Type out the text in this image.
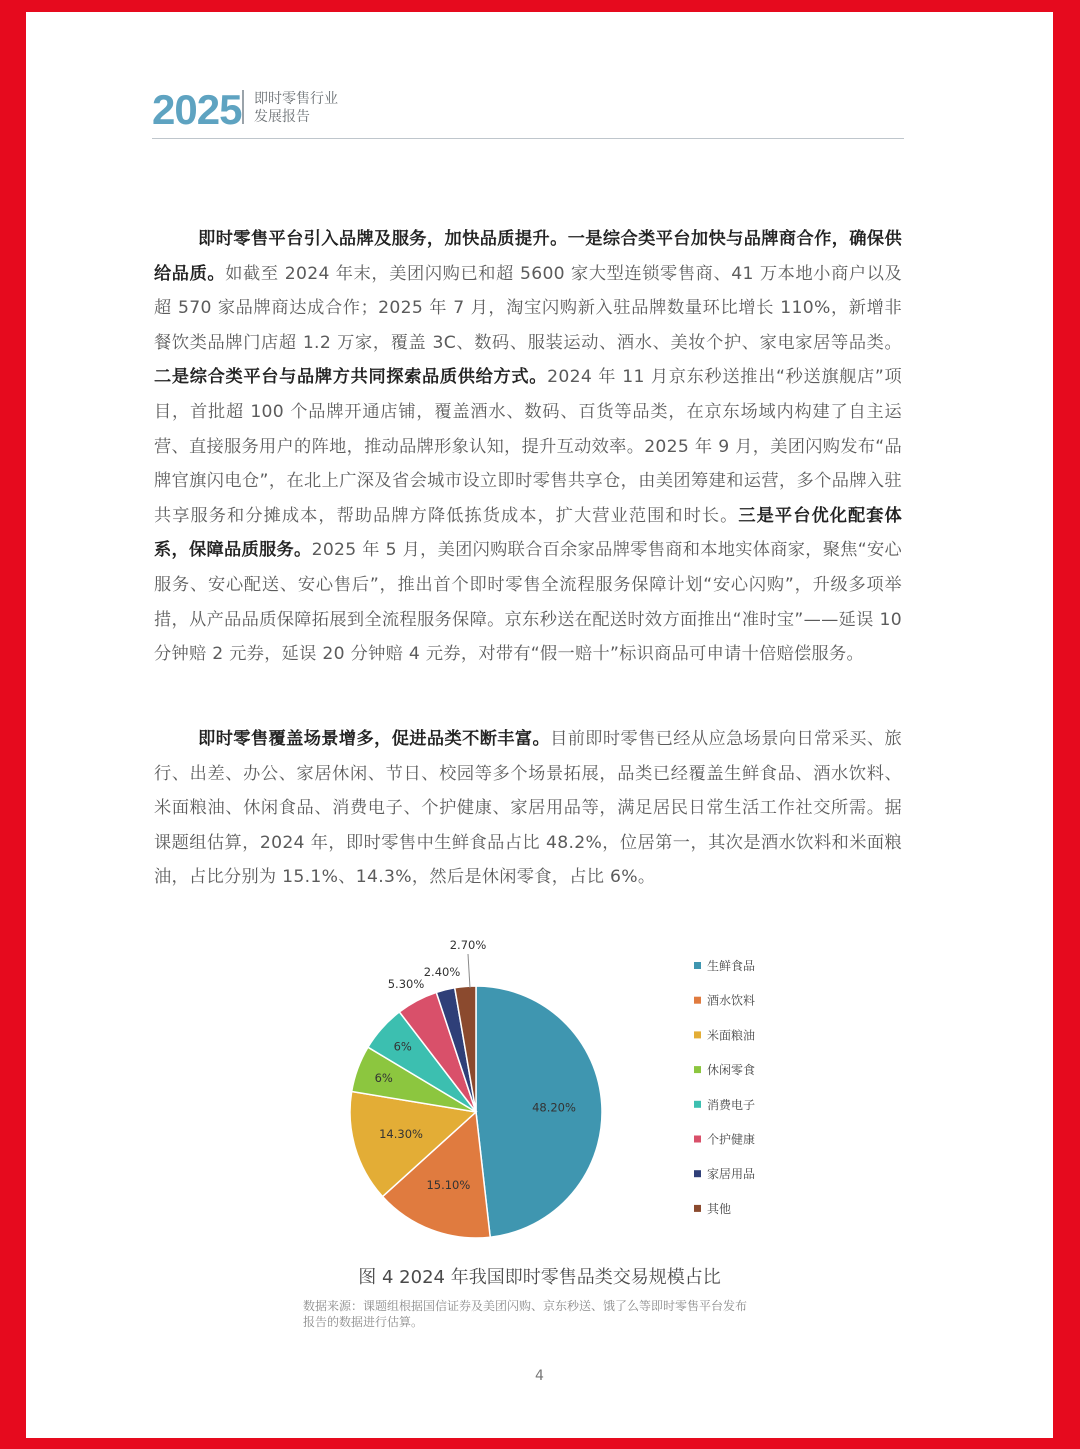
2025 即时零售行业
发展报告
即时零售平台引入品牌及服务，加快品质提升。一是综合类平台加快与品牌商合作，确保供给品质。如截至 2024 年末，美团闪购已和超 5600 家大型连锁零售商、41 万本地小商户以及超 570 家品牌商达成合作；2025 年 7 月，淘宝闪购新入驻品牌数量环比增长 110%，新增非餐饮类品牌门店超 1.2 万家，覆盖 3C、数码、服装运动、酒水、美妆个护、家电家居等品类。二是综合类平台与品牌方共同探索品质供给方式。2024 年 11 月京东秒送推出“秒送旗舰店”项目，首批超 100 个品牌开通店铺，覆盖酒水、数码、百货等品类，在京东场域内构建了自主运营、直接服务用户的阵地，推动品牌形象认知，提升互动效率。2025 年 9 月，美团闪购发布“品牌官旗闪电仓”，在北上广深及省会城市设立即时零售共享仓，由美团筹建和运营，多个品牌入驻共享服务和分摊成本，帮助品牌方降低拣货成本，扩大营业范围和时长。三是平台优化配套体系，保障品质服务。2025 年 5 月，美团闪购联合百余家品牌零售商和本地实体商家，聚焦“安心服务、安心配送、安心售后”，推出首个即时零售全流程服务保障计划“安心闪购”，升级多项举措，从产品品质保障拓展到全流程服务保障。京东秒送在配送时效方面推出“准时宝”——延误 10 分钟赔 2 元券，延误 20 分钟赔 4 元券，对带有“假一赔十”标识商品可申请十倍赔偿服务。
即时零售覆盖场景增多，促进品类不断丰富。目前即时零售已经从应急场景向日常采买、旅行、出差、办公、家居休闲、节日、校园等多个场景拓展，品类已经覆盖生鲜食品、酒水饮料、米面粮油、休闲食品、消费电子、个护健康、家居用品等，满足居民日常生活工作社交所需。据课题组估算，2024 年，即时零售中生鲜食品占比 48.2%，位居第一，其次是酒水饮料和米面粮油，占比分别为 15.1%、14.3%，然后是休闲零食，占比 6%。
48.20%
15.10%
14.30%
6%
6%
5.30%
2.40%
2.70%
生鲜食品
酒水饮料
米面粮油
休闲零食
消费电子
个护健康
家居用品
其他
图 4 2024 年我国即时零售品类交易规模占比
数据来源：课题组根据国信证券及美团闪购、京东秒送、饿了么等即时零售平台发布报告的数据进行估算。
4
